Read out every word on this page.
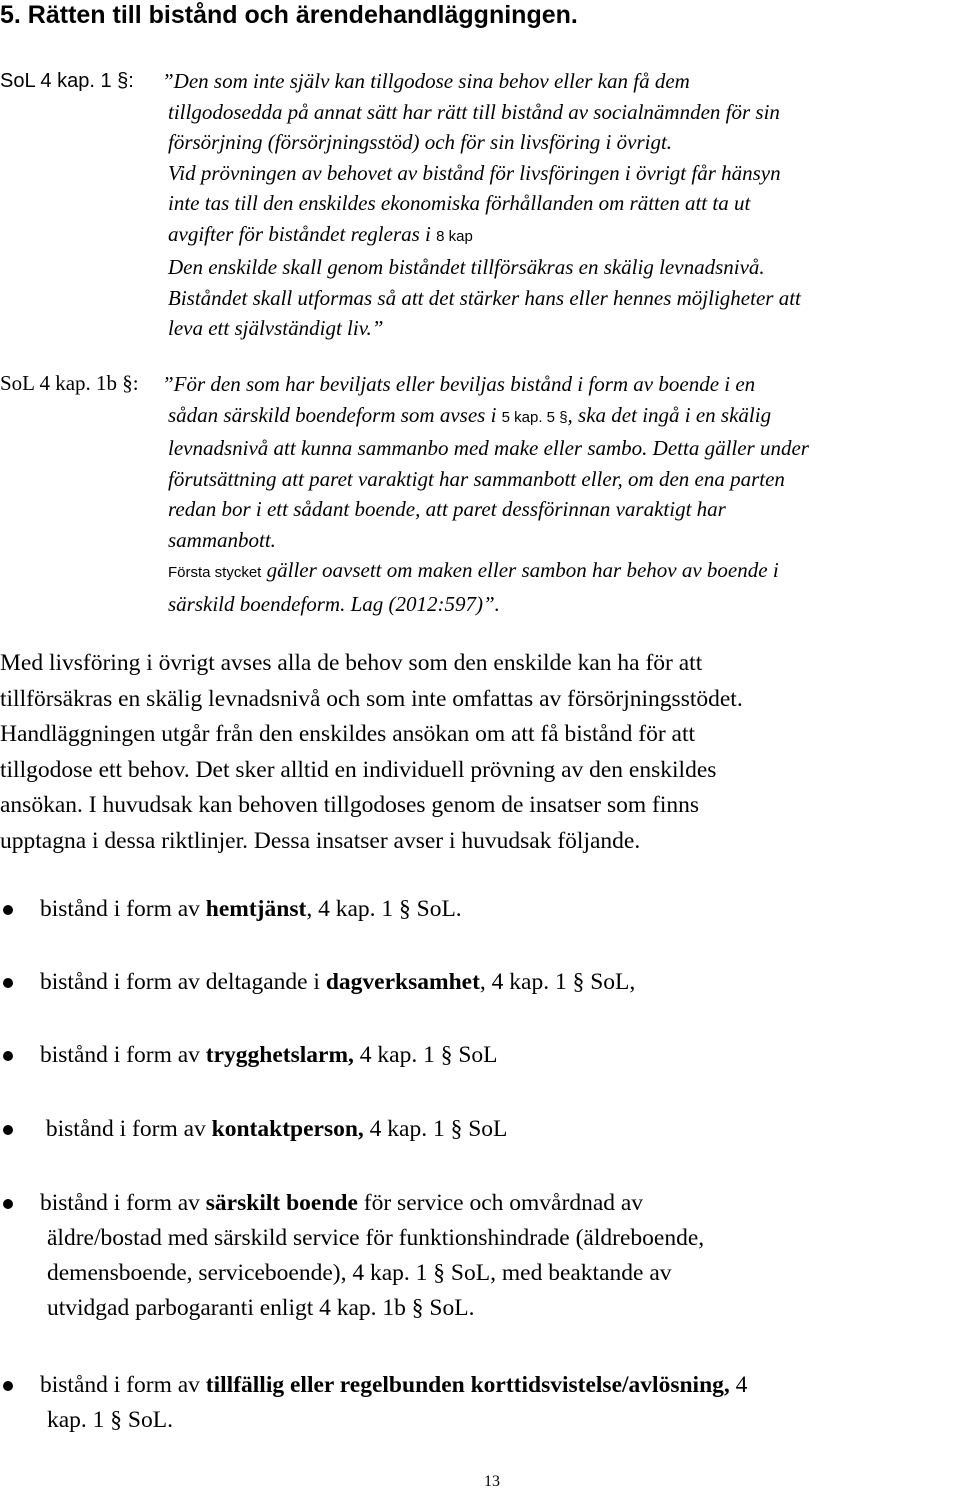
5. Rätten till bistånd och ärendehandläggningen.
SoL 4 kap. 1 §: ”Den som inte själv kan tillgodose sina behov eller kan få dem
tillgodosedda på annat sätt har rätt till bistånd av socialnämnden för sin
försörjning (försörjningsstöd) och för sin livsföring i övrigt.
Vid prövningen av behovet av bistånd för livsföringen i övrigt får hänsyn
inte tas till den enskildes ekonomiska förhållanden om rätten att ta ut
avgifter för biståndet regleras i 8 kap
Den enskilde skall genom biståndet tillförsäkras en skälig levnadsnivå.
Biståndet skall utformas så att det stärker hans eller hennes möjligheter att
leva ett självständigt liv.”
SoL 4 kap. 1b §: ”För den som har beviljats eller beviljas bistånd i form av boende i en
sådan särskild boendeform som avses i 5 kap. 5 §, ska det ingå i en skälig
levnadsnivå att kunna sammanbo med make eller sambo. Detta gäller under
förutsättning att paret varaktigt har sammanbott eller, om den ena parten
redan bor i ett sådant boende, att paret dessförinnan varaktigt har
sammanbott.
Första stycket gäller oavsett om maken eller sambon har behov av boende i
särskild boendeform. Lag (2012:597)”.
Med livsföring i övrigt avses alla de behov som den enskilde kan ha för att
tillförsäkras en skälig levnadsnivå och som inte omfattas av försörjningsstödet.
Handläggningen utgår från den enskildes ansökan om att få bistånd för att
tillgodose ett behov. Det sker alltid en individuell prövning av den enskildes
ansökan. I huvudsak kan behoven tillgodoses genom de insatser som finns
upptagna i dessa riktlinjer. Dessa insatser avser i huvudsak följande.
bistånd i form av hemtjänst, 4 kap. 1 § SoL.
bistånd i form av deltagande i dagverksamhet, 4 kap. 1 § SoL,
bistånd i form av trygghetslarm, 4 kap. 1 § SoL
bistånd i form av kontaktperson, 4 kap. 1 § SoL
bistånd i form av särskilt boende för service och omvårdnad av
äldre/bostad med särskild service för funktionshindrade (äldreboende,
demensboende, serviceboende), 4 kap. 1 § SoL, med beaktande av
utvidgad parbogaranti enligt 4 kap. 1b § SoL.
bistånd i form av tillfällig eller regelbunden korttidsvistelse/avlösning, 4
kap. 1 § SoL.
13
